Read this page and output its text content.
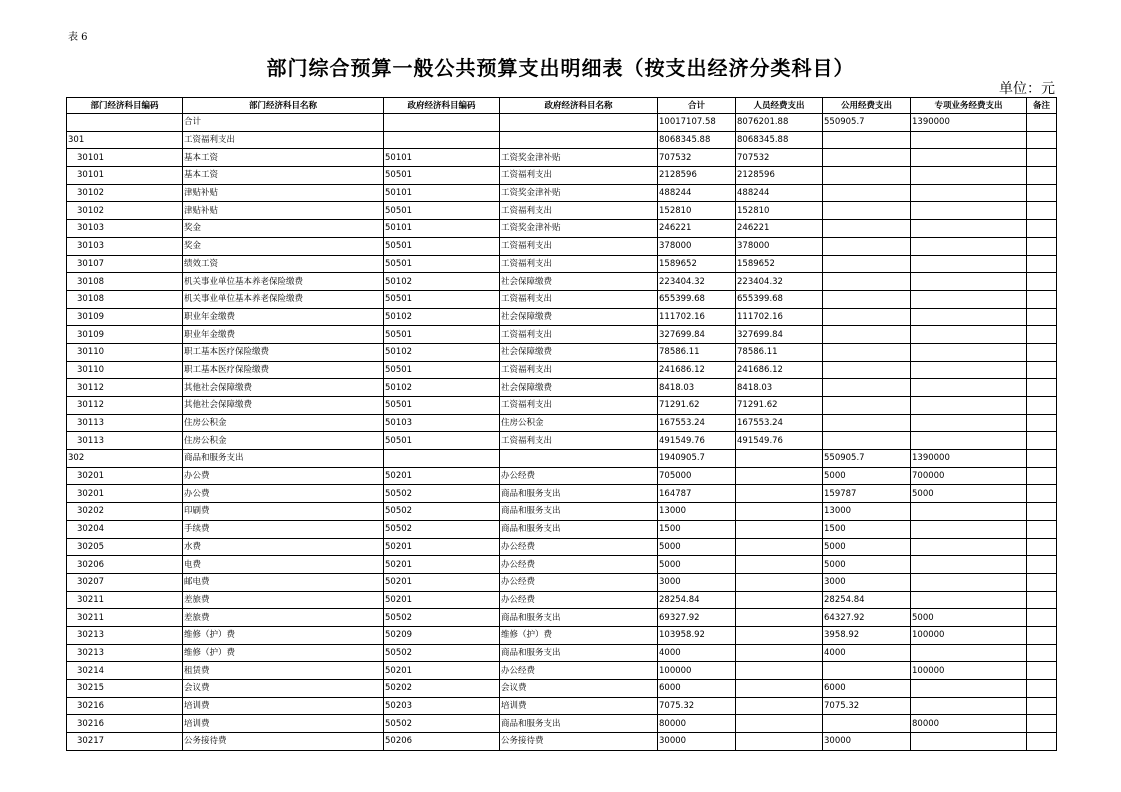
表 6
部门综合预算一般公共预算支出明细表（按支出经济分类科目）
单位：元
部门经济科目编码	部门经济科目名称	政府经济科目编码	政府经济科目名称	合计	人员经费支出	公用经费支出	专项业务经费支出	备注
	合计			10017107.58	8076201.88	550905.7	1390000	
301	工资福利支出			8068345.88	8068345.88			
30101	基本工资	50101	工资奖金津补贴	707532	707532			
30101	基本工资	50501	工资福利支出	2128596	2128596			
30102	津贴补贴	50101	工资奖金津补贴	488244	488244			
30102	津贴补贴	50501	工资福利支出	152810	152810			
30103	奖金	50101	工资奖金津补贴	246221	246221			
30103	奖金	50501	工资福利支出	378000	378000			
30107	绩效工资	50501	工资福利支出	1589652	1589652			
30108	机关事业单位基本养老保险缴费	50102	社会保障缴费	223404.32	223404.32			
30108	机关事业单位基本养老保险缴费	50501	工资福利支出	655399.68	655399.68			
30109	职业年金缴费	50102	社会保障缴费	111702.16	111702.16			
30109	职业年金缴费	50501	工资福利支出	327699.84	327699.84			
30110	职工基本医疗保险缴费	50102	社会保障缴费	78586.11	78586.11			
30110	职工基本医疗保险缴费	50501	工资福利支出	241686.12	241686.12			
30112	其他社会保障缴费	50102	社会保障缴费	8418.03	8418.03			
30112	其他社会保障缴费	50501	工资福利支出	71291.62	71291.62			
30113	住房公积金	50103	住房公积金	167553.24	167553.24			
30113	住房公积金	50501	工资福利支出	491549.76	491549.76			
302	商品和服务支出			1940905.7		550905.7	1390000	
30201	办公费	50201	办公经费	705000		5000	700000	
30201	办公费	50502	商品和服务支出	164787		159787	5000	
30202	印刷费	50502	商品和服务支出	13000		13000		
30204	手续费	50502	商品和服务支出	1500		1500		
30205	水费	50201	办公经费	5000		5000		
30206	电费	50201	办公经费	5000		5000		
30207	邮电费	50201	办公经费	3000		3000		
30211	差旅费	50201	办公经费	28254.84		28254.84		
30211	差旅费	50502	商品和服务支出	69327.92		64327.92	5000	
30213	维修（护）费	50209	维修（护）费	103958.92		3958.92	100000	
30213	维修（护）费	50502	商品和服务支出	4000		4000		
30214	租赁费	50201	办公经费	100000			100000	
30215	会议费	50202	会议费	6000		6000		
30216	培训费	50203	培训费	7075.32		7075.32		
30216	培训费	50502	商品和服务支出	80000			80000	
30217	公务接待费	50206	公务接待费	30000		30000		
